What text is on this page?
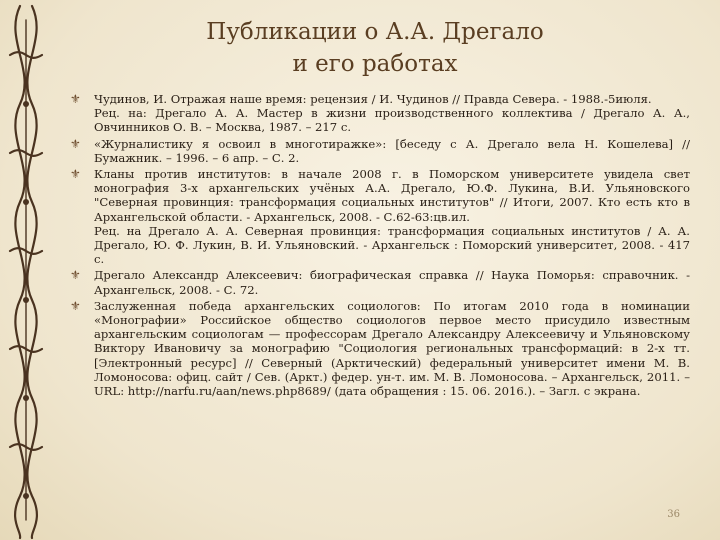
Публикации о А.А. Дрегало
и его работах
⚜ Чудинов, И. Отражая наше время: рецензия / И. Чудинов // Правда Севера. - 1988.-5июля.
Рец. на: Дрегало А. А. Мастер в жизни производственного коллектива / Дрегало А. А., Овчинников О. В. – Москва, 1987. – 217 с.
⚜ «Журналистику я освоил в многотиражке»: [беседу с А. Дрегало вела Н. Кошелева] // Бумажник. – 1996. – 6 апр. – С. 2.
⚜ Кланы против институтов: в начале 2008 г. в Поморском университете увидела свет монография 3-х архангельских учёных А.А. Дрегало, Ю.Ф. Лукина, В.И. Ульяновского "Северная провинция: трансформация социальных институтов" // Итоги, 2007. Кто есть кто в Архангельской области. - Архангельск, 2008. - С.62-63:цв.ил.
Рец. на Дрегало А. А. Северная провинция: трансформация социальных институтов / А. А. Дрегало, Ю. Ф. Лукин, В. И. Ульяновский. - Архангельск : Поморский университет, 2008. - 417 с.
⚜ Дрегало Александр Алексеевич: биографическая справка // Наука Поморья: справочник. - Архангельск, 2008. - С. 72.
⚜ Заслуженная победа архангельских социологов: По итогам 2010 года в номинации «Монографии» Российское общество социологов первое место присудило известным архангельским социологам — профессорам Дрегало Александру Алексеевичу и Ульяновскому Виктору Ивановичу за монографию "Социология региональных трансформаций: в 2-х тт. [Электронный ресурс] // Северный (Арктический) федеральный университет имени М. В. Ломоносова: офиц. сайт / Сев. (Аркт.) федер. ун-т. им. М. В. Ломоносова. – Архангельск, 2011. – URL: http://narfu.ru/aan/news.php8689/ (дата обращения : 15. 06. 2016.). – Загл. с экрана.
36
